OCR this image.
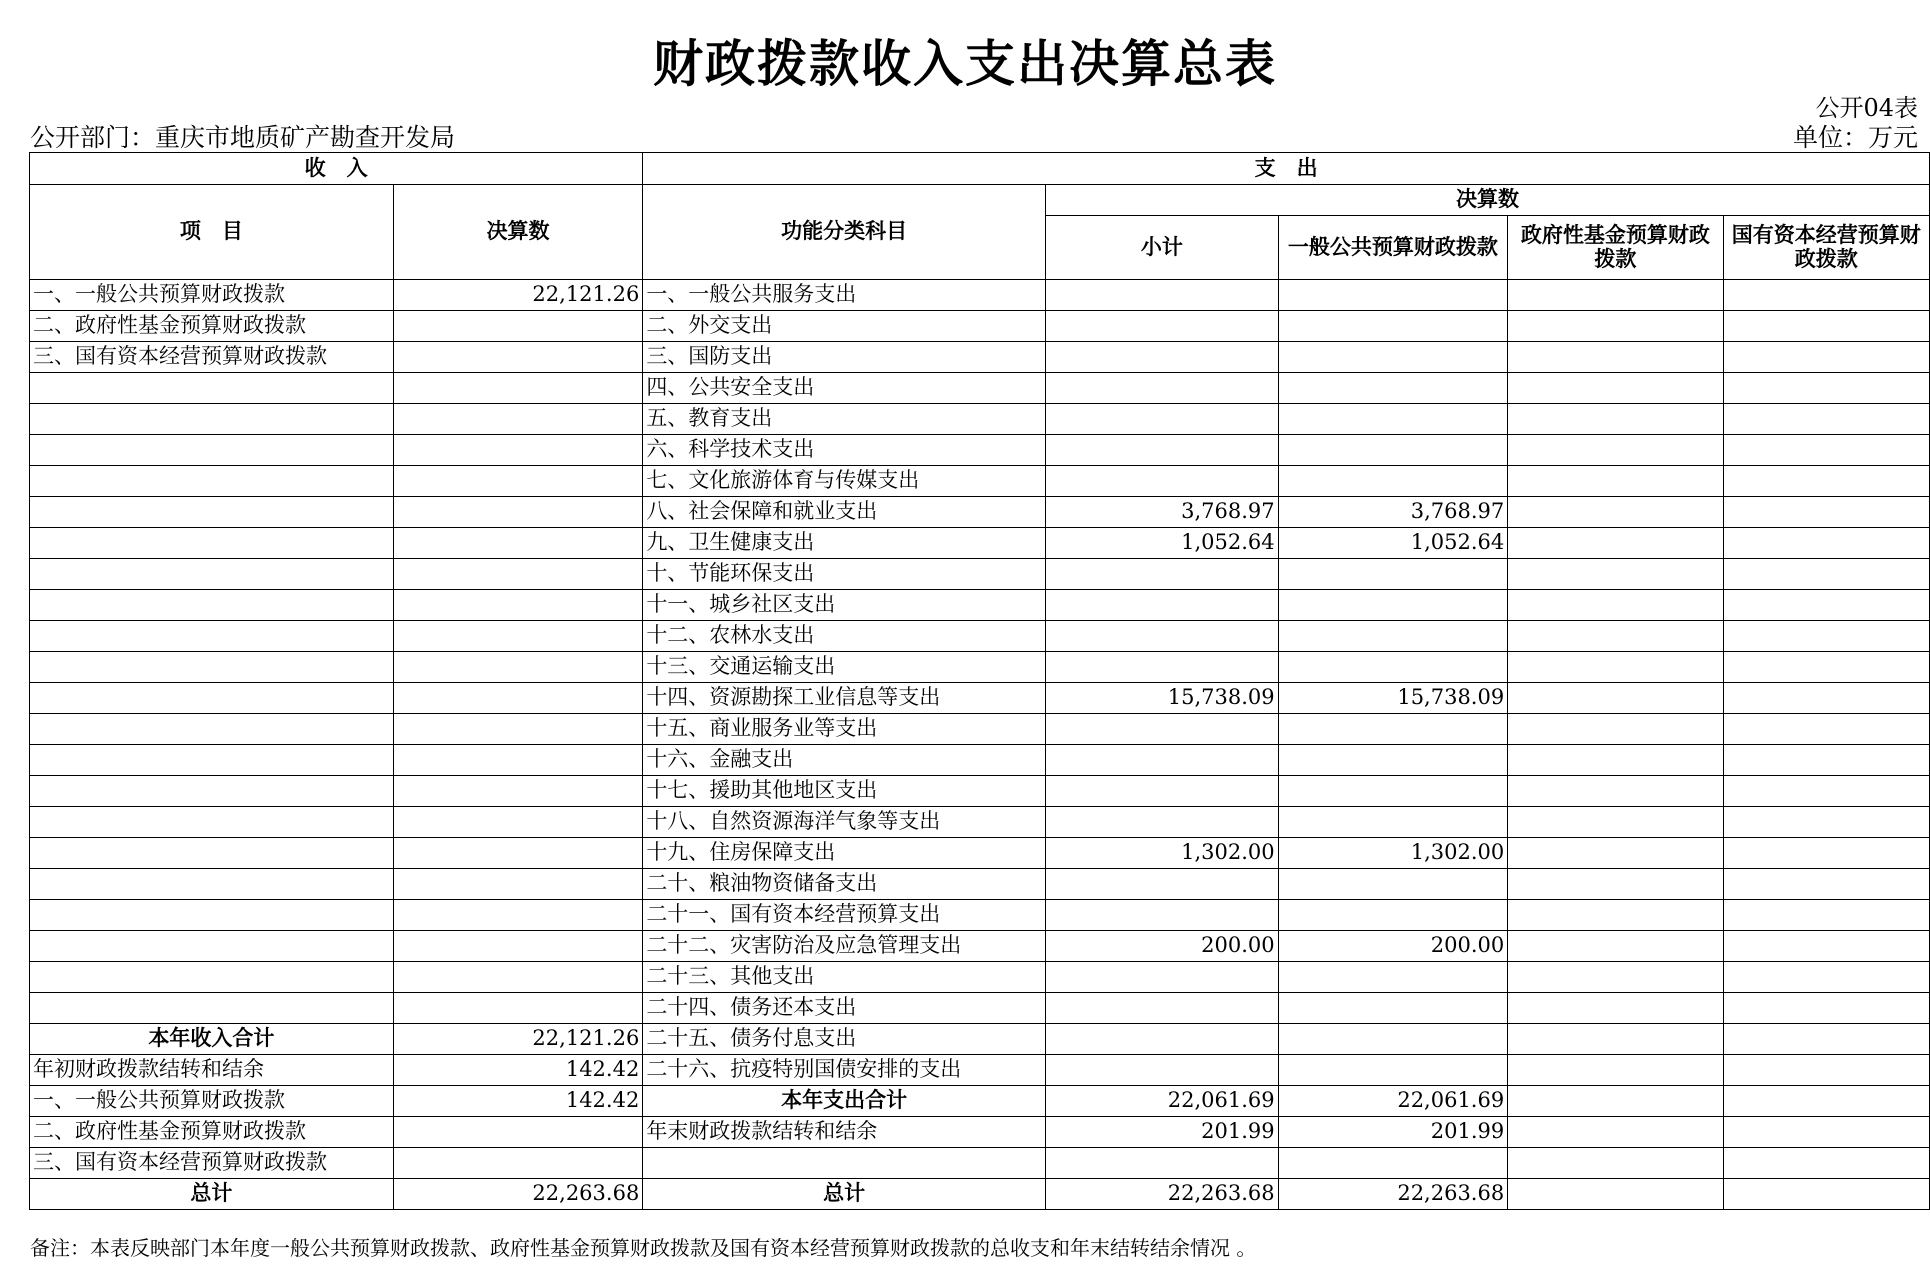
财政拨款收入支出决算总表
公开04表
公开部门：重庆市地质矿产勘查开发局	单位：万元
收　入		支　出				
项　目	决算数	功能分类科目	决算数			
			小计	一般公共预算财政拨款	政府性基金预算财政拨款	国有资本经营预算财政拨款
一、一般公共预算财政拨款	22,121.26	一、一般公共服务支出				
二、政府性基金预算财政拨款		二、外交支出				
三、国有资本经营预算财政拨款		三、国防支出				
		四、公共安全支出				
		五、教育支出				
		六、科学技术支出				
		七、文化旅游体育与传媒支出				
		八、社会保障和就业支出	3,768.97	3,768.97		
		九、卫生健康支出	1,052.64	1,052.64		
		十、节能环保支出				
		十一、城乡社区支出				
		十二、农林水支出				
		十三、交通运输支出				
		十四、资源勘探工业信息等支出	15,738.09	15,738.09		
		十五、商业服务业等支出				
		十六、金融支出				
		十七、援助其他地区支出				
		十八、自然资源海洋气象等支出				
		十九、住房保障支出	1,302.00	1,302.00		
		二十、粮油物资储备支出				
		二十一、国有资本经营预算支出				
		二十二、灾害防治及应急管理支出	200.00	200.00		
		二十三、其他支出				
		二十四、债务还本支出				
本年收入合计	22,121.26	二十五、债务付息支出				
年初财政拨款结转和结余	142.42	二十六、抗疫特别国债安排的支出				
一、一般公共预算财政拨款	142.42	本年支出合计	22,061.69	22,061.69		
二、政府性基金预算财政拨款		年末财政拨款结转和结余	201.99	201.99		
三、国有资本经营预算财政拨款						
总计	22,263.68	总计	22,263.68	22,263.68		
备注：本表反映部门本年度一般公共预算财政拨款、政府性基金预算财政拨款及国有资本经营预算财政拨款的总收支和年末结转结余情况 。
